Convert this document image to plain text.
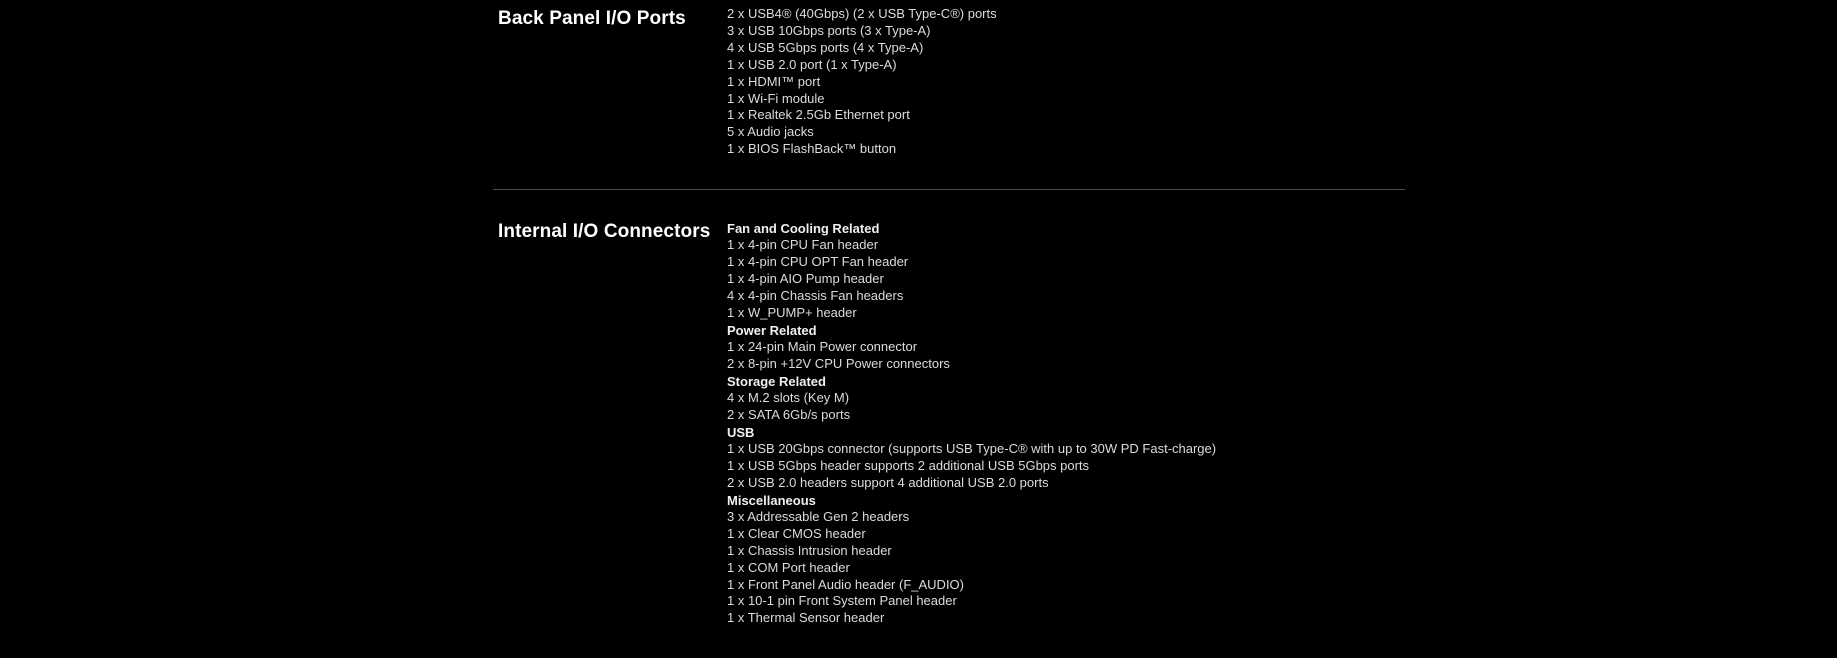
Back Panel I/O Ports	2 x USB4® (40Gbps) (2 x USB Type-C®) ports
3 x USB 10Gbps ports (3 x Type-A)
4 x USB 5Gbps ports (4 x Type-A)
1 x USB 2.0 port (1 x Type-A)
1 x HDMI™ port
1 x Wi-Fi module
1 x Realtek 2.5Gb Ethernet port
5 x Audio jacks
1 x BIOS FlashBack™ button
Internal I/O Connectors Fan and Cooling Related
1 x 4-pin CPU Fan header
1 x 4-pin CPU OPT Fan header
1 x 4-pin AIO Pump header
4 x 4-pin Chassis Fan headers
1 x W_PUMP+ header
Power Related
1 x 24-pin Main Power connector
2 x 8-pin +12V CPU Power connectors
Storage Related
4 x M.2 slots (Key M)
2 x SATA 6Gb/s ports
USB
1 x USB 20Gbps connector (supports USB Type-C® with up to 30W PD Fast-charge)
1 x USB 5Gbps header supports 2 additional USB 5Gbps ports
2 x USB 2.0 headers support 4 additional USB 2.0 ports
Miscellaneous
3 x Addressable Gen 2 headers
1 x Clear CMOS header
1 x Chassis Intrusion header
1 x COM Port header
1 x Front Panel Audio header (F_AUDIO)
1 x 10-1 pin Front System Panel header
1 x Thermal Sensor header
